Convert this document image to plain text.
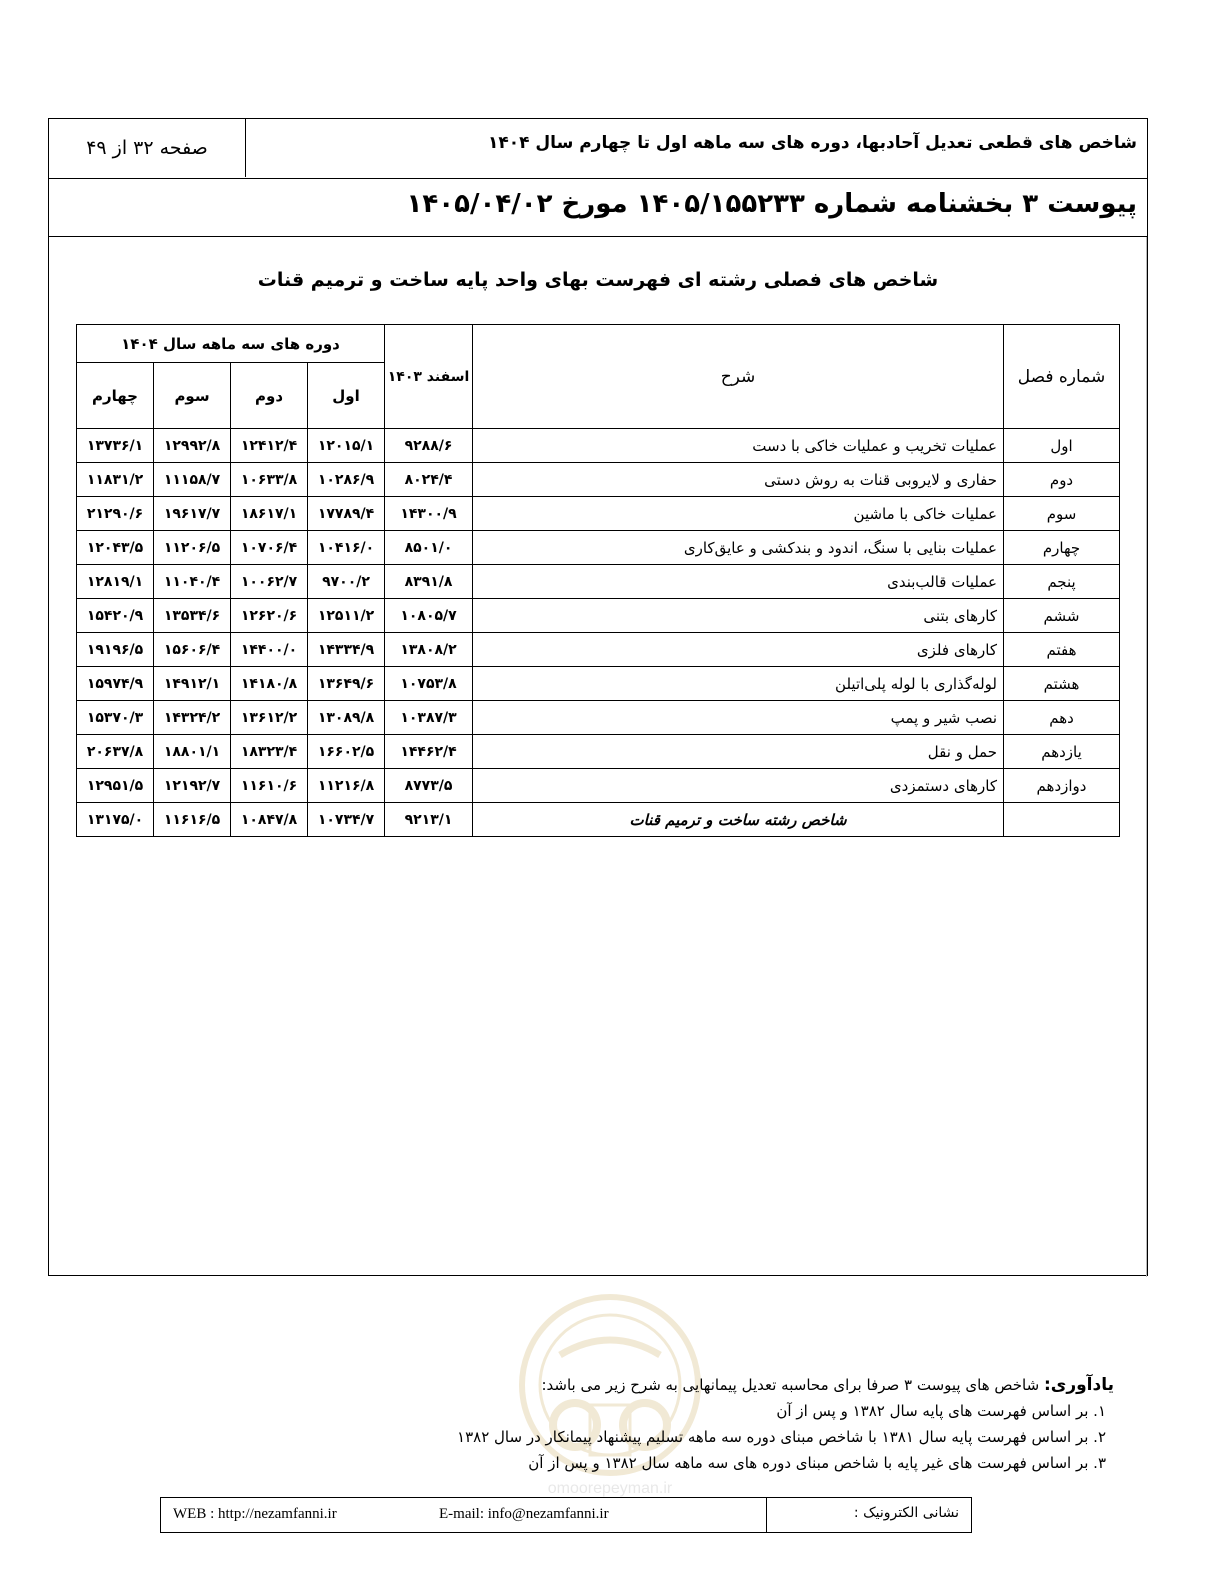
شاخص های قطعی تعدیل آحادبها، دوره های سه ماهه اول تا چهارم سال ۱۴۰۴
صفحه ۳۲ از ۴۹
پیوست ۳ بخشنامه شماره ۱۴۰۵/۱۵۵۲۳۳ مورخ ۱۴۰۵/۰۴/۰۲
شاخص های فصلی رشته ای فهرست بهای واحد پایه ساخت و ترمیم قنات
شماره فصل	شرح	اسفند ۱۴۰۳	دوره های سه ماهه سال ۱۴۰۴			
			اول	دوم	سوم	چهارم
اول	عملیات تخریب و عملیات خاکی با دست	۹۲۸۸/۶	۱۲۰۱۵/۱	۱۲۴۱۲/۴	۱۲۹۹۲/۸	۱۳۷۳۶/۱
دوم	حفاری و لایروبی قنات به روش دستی	۸۰۲۴/۴	۱۰۲۸۶/۹	۱۰۶۳۳/۸	۱۱۱۵۸/۷	۱۱۸۳۱/۲
سوم	عملیات خاکی با ماشین	۱۴۳۰۰/۹	۱۷۷۸۹/۴	۱۸۶۱۷/۱	۱۹۶۱۷/۷	۲۱۲۹۰/۶
چهارم	عملیات بنایی با سنگ، اندود و بندکشی و عایق‌کاری	۸۵۰۱/۰	۱۰۴۱۶/۰	۱۰۷۰۶/۴	۱۱۲۰۶/۵	۱۲۰۴۳/۵
پنجم	عملیات قالب‌بندی	۸۳۹۱/۸	۹۷۰۰/۲	۱۰۰۶۲/۷	۱۱۰۴۰/۴	۱۲۸۱۹/۱
ششم	کارهای بتنی	۱۰۸۰۵/۷	۱۲۵۱۱/۲	۱۲۶۲۰/۶	۱۳۵۳۴/۶	۱۵۴۲۰/۹
هفتم	کارهای فلزی	۱۳۸۰۸/۲	۱۴۳۳۴/۹	۱۴۴۰۰/۰	۱۵۶۰۶/۴	۱۹۱۹۶/۵
هشتم	لوله‌گذاری با لوله پلی‌اتیلن	۱۰۷۵۳/۸	۱۳۶۴۹/۶	۱۴۱۸۰/۸	۱۴۹۱۲/۱	۱۵۹۷۴/۹
دهم	نصب شیر و پمپ	۱۰۳۸۷/۳	۱۳۰۸۹/۸	۱۳۶۱۲/۲	۱۴۳۲۴/۲	۱۵۳۷۰/۳
یازدهم	حمل و نقل	۱۴۴۶۲/۴	۱۶۶۰۲/۵	۱۸۳۲۳/۴	۱۸۸۰۱/۱	۲۰۶۳۷/۸
دوازدهم	کارهای دستمزدی	۸۷۷۳/۵	۱۱۲۱۶/۸	۱۱۶۱۰/۶	۱۲۱۹۲/۷	۱۲۹۵۱/۵
	شاخص رشته ساخت و ترمیم قنات	۹۲۱۳/۱	۱۰۷۳۴/۷	۱۰۸۴۷/۸	۱۱۶۱۶/۵	۱۳۱۷۵/۰
omoorepeyman.ir
یادآوری: شاخص های پیوست ۳ صرفا برای محاسبه تعدیل پیمانهایی به شرح زیر می باشد:
۱. بر اساس فهرست های پایه سال ۱۳۸۲ و پس از آن
۲. بر اساس فهرست پایه سال ۱۳۸۱ با شاخص مبنای دوره سه ماهه تسلیم پیشنهاد پیمانکار در سال ۱۳۸۲
۳. بر اساس فهرست های غیر پایه با شاخص مبنای دوره های سه ماهه سال ۱۳۸۲ و پس از آن
WEB : http://nezamfanni.ir	E-mail: info@nezamfanni.ir	نشانی الکترونیک :
